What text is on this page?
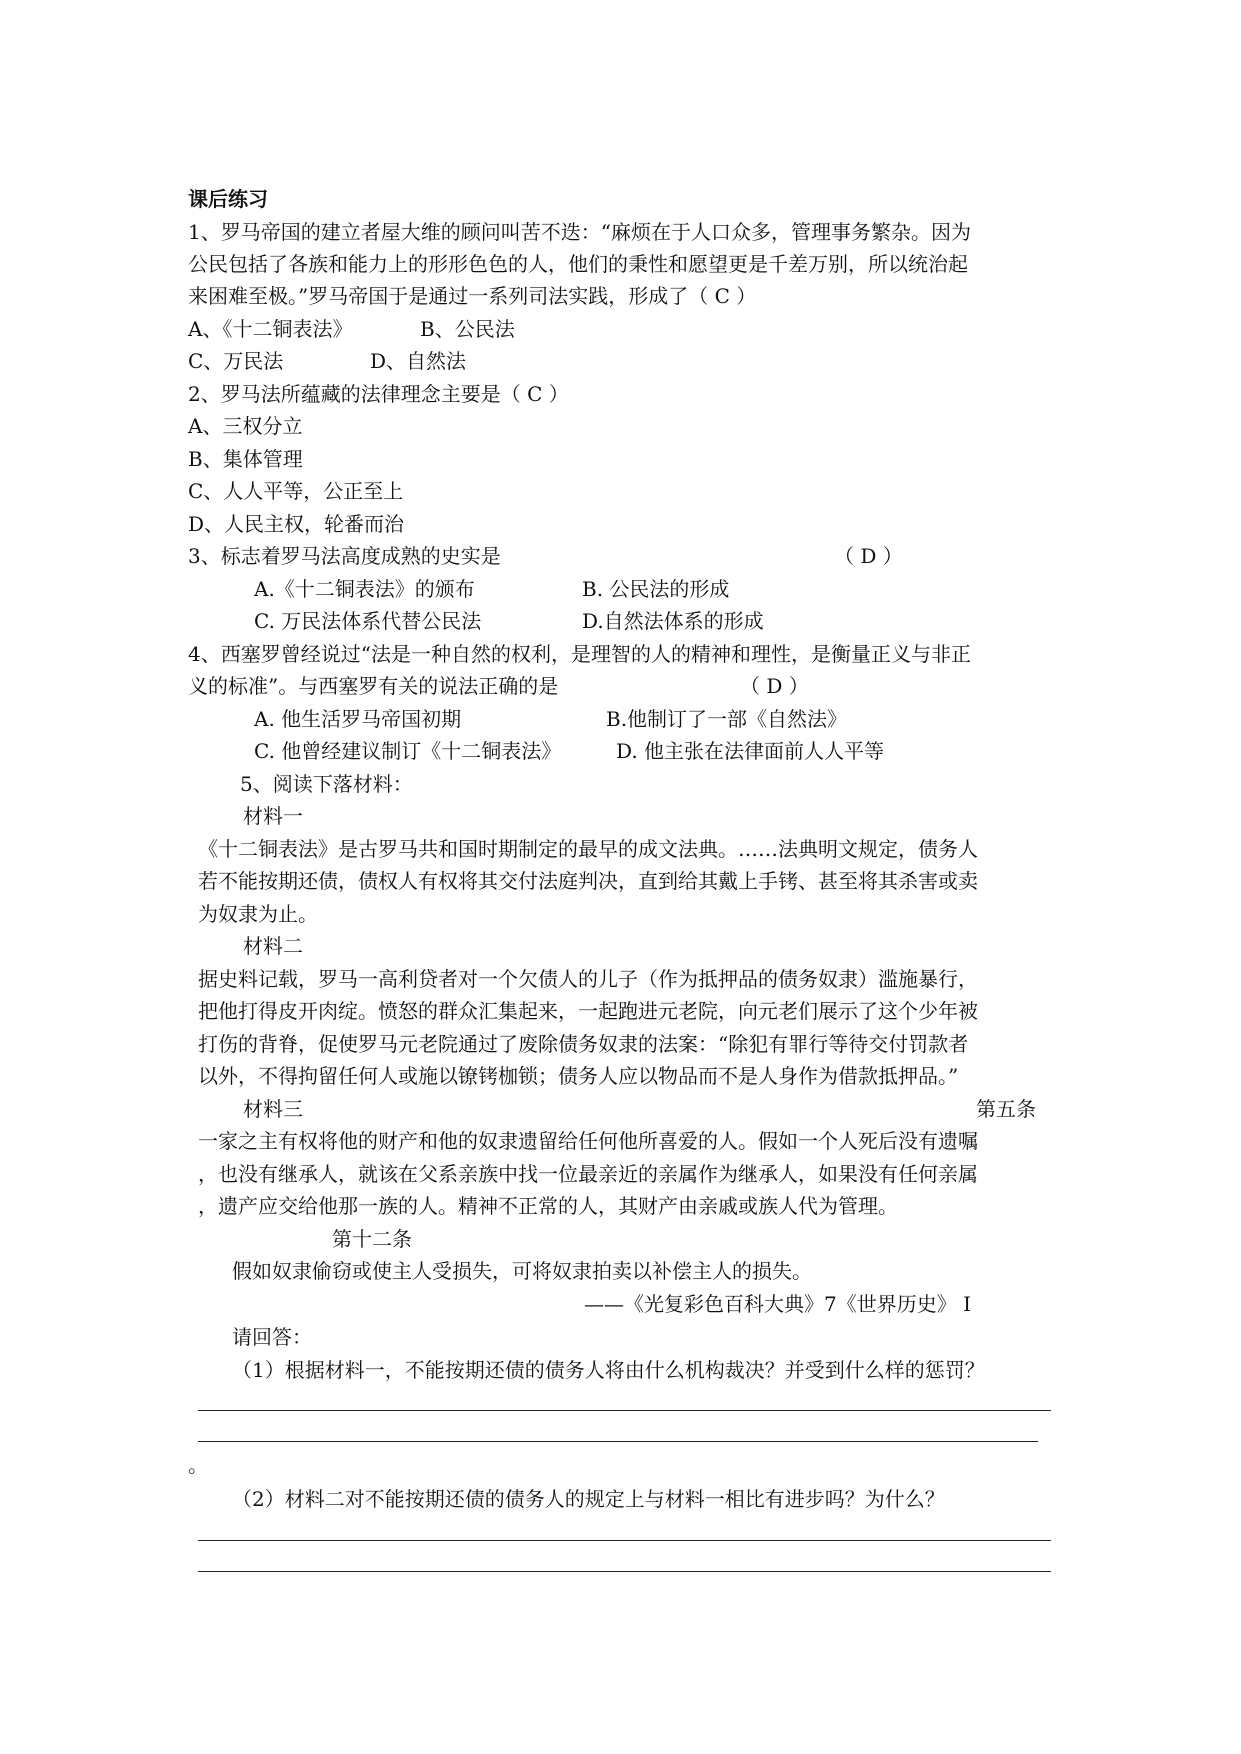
课后练习
1、罗马帝国的建立者屋大维的顾问叫苦不迭：“麻烦在于人口众多，管理事务繁杂。因为
公民包括了各族和能力上的形形色色的人，他们的秉性和愿望更是千差万别，所以统治起
来困难至极。”罗马帝国于是通过一系列司法实践，形成了（ C ）
A、《十二铜表法》	B、公民法
C、万民法	D、自然法
2、罗马法所蕴藏的法律理念主要是（ C ）
A、三权分立
B、集体管理
C、人人平等，公正至上
D、人民主权，轮番而治
3、标志着罗马法高度成熟的史实是	（ D ）
A.《十二铜表法》的颁布	B. 公民法的形成
C. 万民法体系代替公民法	D.自然法体系的形成
4、西塞罗曾经说过“法是一种自然的权利，是理智的人的精神和理性，是衡量正义与非正
义的标准”。与西塞罗有关的说法正确的是	（ D ）
A. 他生活罗马帝国初期	B.他制订了一部《自然法》
C. 他曾经建议制订《十二铜表法》	D. 他主张在法律面前人人平等
5、阅读下落材料：
材料一
《十二铜表法》是古罗马共和国时期制定的最早的成文法典。……法典明文规定，债务人
若不能按期还债，债权人有权将其交付法庭判决，直到给其戴上手铐、甚至将其杀害或卖
为奴隶为止。
材料二
据史料记载，罗马一高利贷者对一个欠债人的儿子（作为抵押品的债务奴隶）滥施暴行，
把他打得皮开肉绽。愤怒的群众汇集起来，一起跑进元老院，向元老们展示了这个少年被
打伤的背脊，促使罗马元老院通过了废除债务奴隶的法案：“除犯有罪行等待交付罚款者
以外，不得拘留任何人或施以镣铐枷锁；债务人应以物品而不是人身作为借款抵押品。”
材料三	第五条
一家之主有权将他的财产和他的奴隶遗留给任何他所喜爱的人。假如一个人死后没有遗嘱
，也没有继承人，就该在父系亲族中找一位最亲近的亲属作为继承人，如果没有任何亲属
，遗产应交给他那一族的人。精神不正常的人，其财产由亲戚或族人代为管理。
第十二条
假如奴隶偷窃或使主人受损失，可将奴隶拍卖以补偿主人的损失。
——《光复彩色百科大典》7《世界历史》 I
请回答：
（1）根据材料一，不能按期还债的债务人将由什么机构裁决？并受到什么样的惩罚？
。
（2）材料二对不能按期还债的债务人的规定上与材料一相比有进步吗？为什么？
